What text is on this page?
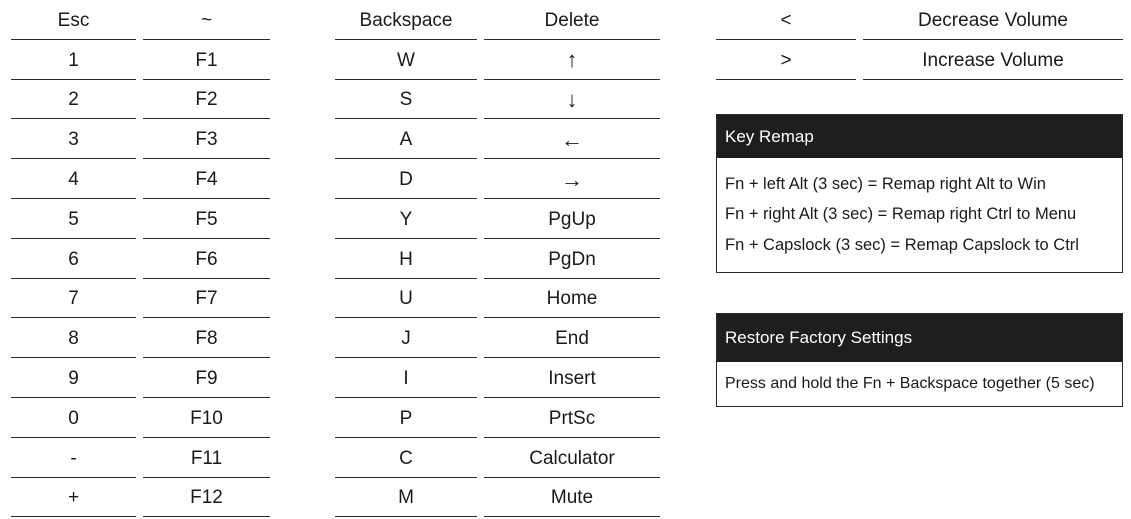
Esc
1
2
3
4
5
6
7
8
9
0
-
+
~
F1
F2
F3
F4
F5
F6
F7
F8
F9
F10
F11
F12
Backspace
W
S
A
D
Y
H
U
J
I
P
C
M
Delete
↑
↓
←
→
PgUp
PgDn
Home
End
Insert
PrtSc
Calculator
Mute
<
>
Decrease Volume
Increase Volume
Key Remap
Fn + left Alt (3 sec) = Remap right Alt to Win
Fn + right Alt (3 sec) = Remap right Ctrl to Menu
Fn + Capslock (3 sec) = Remap Capslock to Ctrl
Restore Factory Settings
Press and hold the Fn + Backspace together (5 sec)
